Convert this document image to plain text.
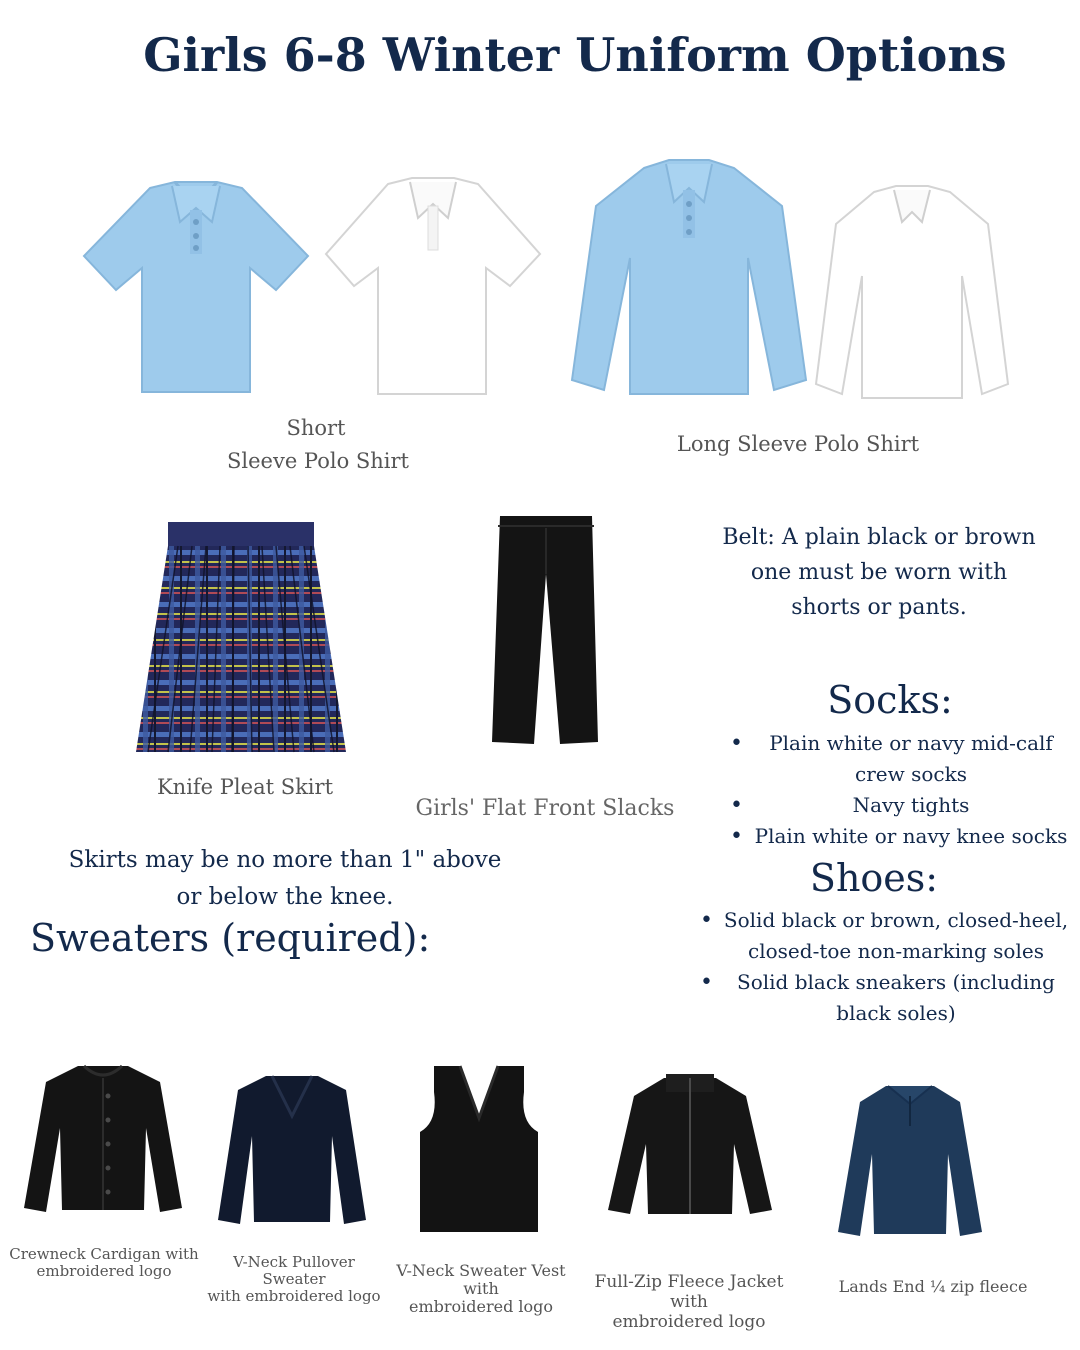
Girls 6-8 Winter Uniform Options
Short
Sleeve Polo Shirt
Long Sleeve Polo Shirt
Knife Pleat Skirt
Girls' Flat Front Slacks
Belt: A plain black or brown
one must be worn with
shorts or pants.
Socks:
•	Plain white or navy mid-calf
crew socks
•	Navy tights
• Plain white or navy knee socks
Shoes:
• Solid black or brown, closed-heel,
closed-toe non-marking soles
•	Solid black sneakers (including
black soles)
Skirts may be no more than 1" above
or below the knee.
Sweaters (required):
Crewneck Cardigan with
embroidered logo	V-Neck Pullover Sweater
with embroidered logo
V-Neck Sweater Vest with
embroidered logo
Full-Zip Fleece Jacket with
embroidered logo
Lands End ¼ zip fleece
